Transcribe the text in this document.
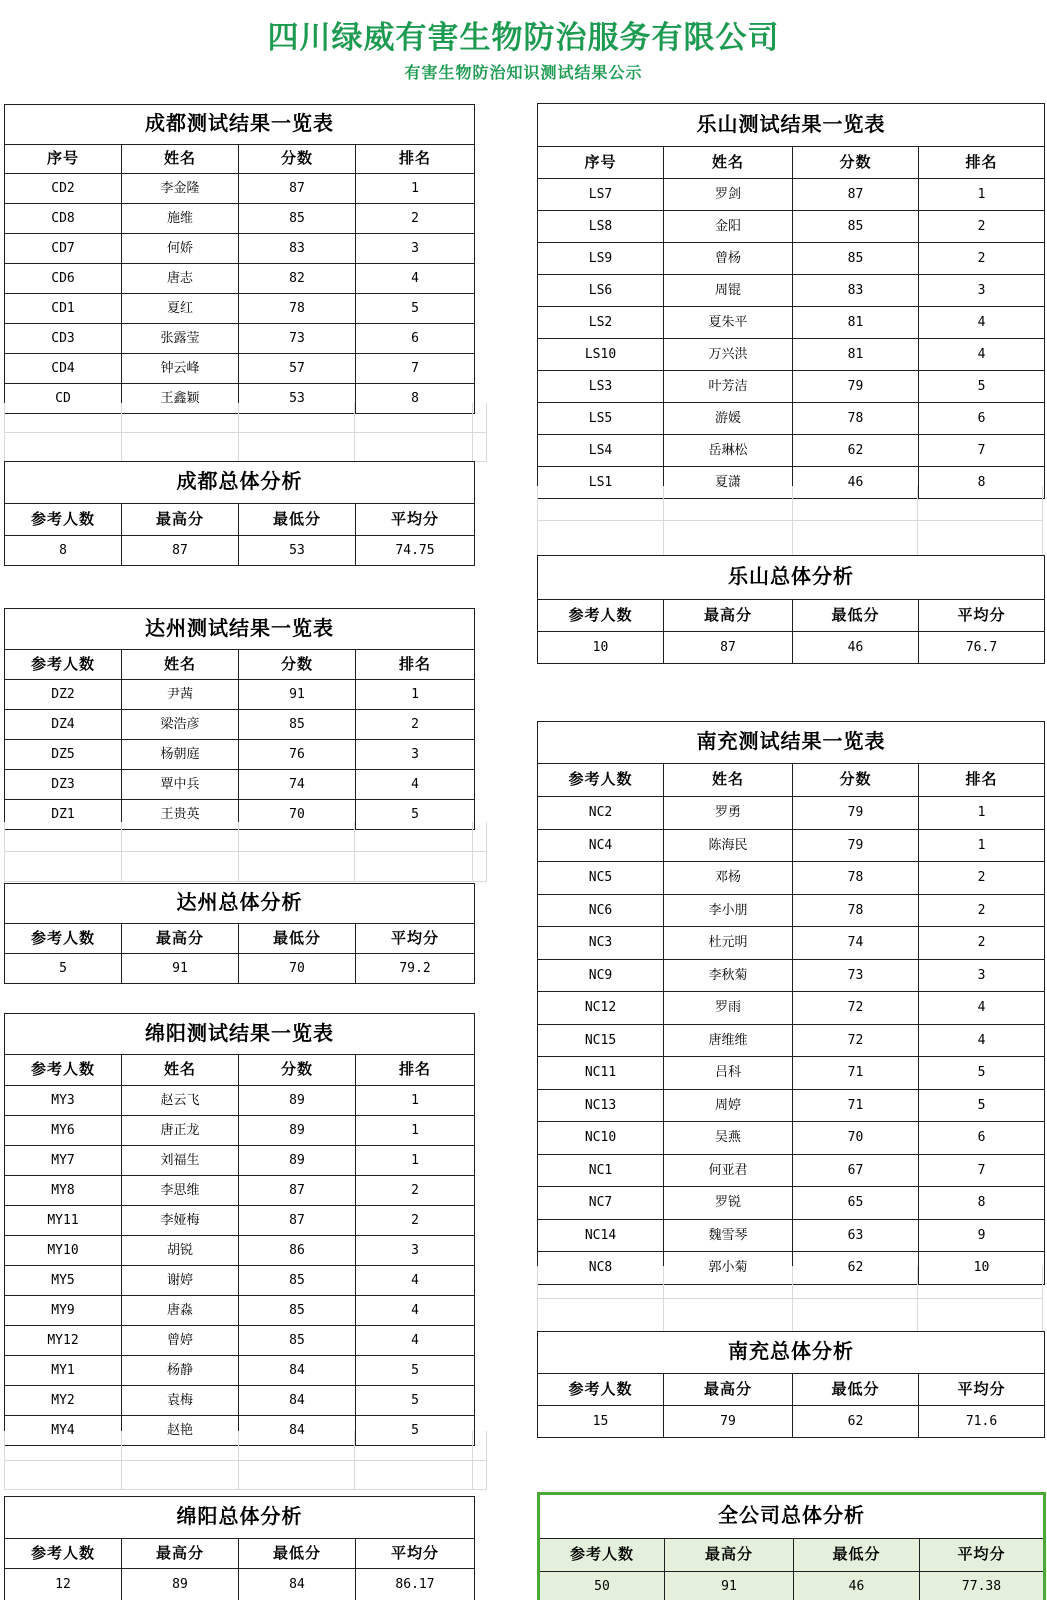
四川绿威有害生物防治服务有限公司
有害生物防治知识测试结果公示
成都测试结果一览表
序号	姓名	分数	排名
CD2	李金隆	87	1
CD8	施维	85	2
CD7	何娇	83	3
CD6	唐志	82	4
CD1	夏红	78	5
CD3	张露莹	73	6
CD4	钟云峰	57	7
CD	王鑫颖	53	8
成都总体分析
参考人数	最高分	最低分	平均分
8	87	53	74.75
达州测试结果一览表
参考人数	姓名	分数	排名
DZ2	尹茜	91	1
DZ4	梁浩彦	85	2
DZ5	杨朝庭	76	3
DZ3	覃中兵	74	4
DZ1	王贵英	70	5
达州总体分析
参考人数	最高分	最低分	平均分
5	91	70	79.2
绵阳测试结果一览表
参考人数	姓名	分数	排名
MY3	赵云飞	89	1
MY6	唐正龙	89	1
MY7	刘福生	89	1
MY8	李思维	87	2
MY11	李娅梅	87	2
MY10	胡锐	86	3
MY5	谢婷	85	4
MY9	唐淼	85	4
MY12	曾婷	85	4
MY1	杨静	84	5
MY2	袁梅	84	5
MY4	赵艳	84	5
绵阳总体分析
参考人数	最高分	最低分	平均分
12	89	84	86.17
乐山测试结果一览表
序号	姓名	分数	排名
LS7	罗剑	87	1
LS8	金阳	85	2
LS9	曾杨	85	2
LS6	周锟	83	3
LS2	夏朱平	81	4
LS10	万兴洪	81	4
LS3	叶芳洁	79	5
LS5	游媛	78	6
LS4	岳琳松	62	7
LS1	夏潇	46	8
乐山总体分析
参考人数	最高分	最低分	平均分
10	87	46	76.7
南充测试结果一览表
参考人数	姓名	分数	排名
NC2	罗勇	79	1
NC4	陈海民	79	1
NC5	邓杨	78	2
NC6	李小朋	78	2
NC3	杜元明	74	2
NC9	李秋菊	73	3
NC12	罗雨	72	4
NC15	唐维维	72	4
NC11	吕科	71	5
NC13	周婷	71	5
NC10	吴燕	70	6
NC1	何亚君	67	7
NC7	罗锐	65	8
NC14	魏雪琴	63	9
NC8	郭小菊	62	10
南充总体分析
参考人数	最高分	最低分	平均分
15	79	62	71.6
全公司总体分析
参考人数	最高分	最低分	平均分
50	91	46	77.38
